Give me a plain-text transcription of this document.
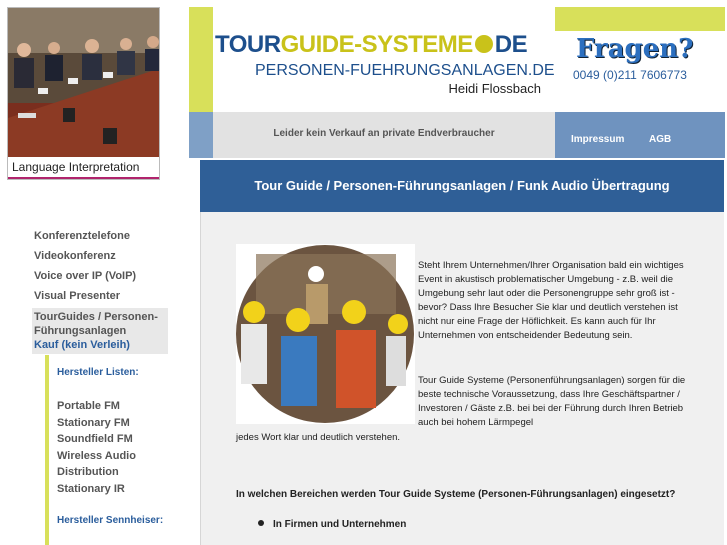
Language Interpretation
Konferenztelefone
Videokonferenz
Voice over IP (VoIP)
Visual Presenter
TourGuides / Personen-Führungsanlagen
Kauf (kein Verleih)
Hersteller Listen:
Portable FM
Stationary FM
Soundfield FM
Wireless Audio Distribution
Stationary IR
Hersteller Sennheiser:
TOURGUIDE-SYSTEME DE
PERSONEN-FUEHRUNGSANLAGEN.DE
Heidi Flossbach
Fragen?
0049 (0)211 7606773
Leider kein Verkauf an private Endverbraucher
Impressum AGB
Tour Guide / Personen-Führungsanlagen / Funk Audio Übertragung

Steht Ihrem Unternehmen/Ihrer Organisation bald ein wichtiges Event in akustisch problematischer Umgebung - z.B. weil die Umgebung sehr laut oder die Personengruppe sehr groß ist - bevor? Dass Ihre Besucher Sie klar und deutlich verstehen ist nicht nur eine Frage der Höflichkeit. Es kann auch für Ihr Unternehmen von entscheidender Bedeutung sein.

Tour Guide Systeme (Personenführungsanlagen) sorgen für die beste technische Voraussetzung, dass Ihre Geschäftspartner / Investoren / Gäste z.B. bei bei der Führung durch Ihren Betrieb auch bei hohem Lärmpegel

jedes Wort klar und deutlich verstehen.

In welchen Bereichen werden Tour Guide Systeme (Personen-Führungsanlagen) eingesetzt?
In Firmen und Unternehmen
